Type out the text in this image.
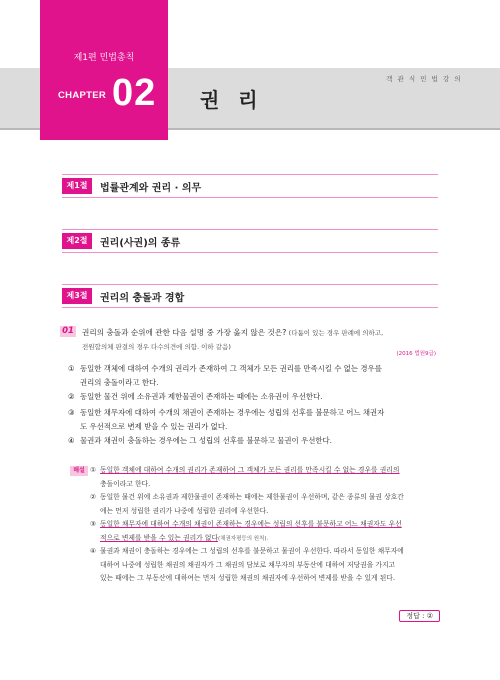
제1편 민법총칙
CHAPTER 02 권 리
객 관 식 민 법 강 의
제1절	법률관계와 권리 · 의무
제2절	권리(사권)의 종류
제3절	권리의 충돌과 경합
01 권리의 충돌과 순위에 관한 다음 설명 중 가장 옳지 않은 것은? (다툼이 있는 경우 판례에 의하고,
전원합의체 판결의 경우 다수의견에 의함. 이하 같음)
(2016 법원9급)
① 동일한 객체에 대하여 수개의 권리가 존재하여 그 객체가 모든 권리를 만족시킬 수 없는 경우를
권리의 충돌이라고 한다.
② 동일한 물건 위에 소유권과 제한물권이 존재하는 때에는 소유권이 우선한다.
③ 동일한 채무자에 대하여 수개의 채권이 존재하는 경우에는 성립의 선후를 불문하고 어느 채권자
도 우선적으로 변제 받을 수 있는 권리가 없다.
④ 물권과 채권이 충돌하는 경우에는 그 성립의 선후를 불문하고 물권이 우선한다.
해설 ① 동일한 객체에 대하여 수개의 권리가 존재하여 그 객체가 모든 권리를 만족시킬 수 없는 경우를 권리의
충돌이라고 한다.
② 동일한 물건 위에 소유권과 제한물권이 존재하는 때에는 제한물권이 우선하며, 같은 종류의 물권 상호간
에는 먼저 성립한 권리가 나중에 성립한 권리에 우선한다.
③ 동일한 채무자에 대하여 수개의 채권이 존재하는 경우에는 성립의 선후를 불문하고 어느 채권자도 우선
적으로 변제를 받을 수 있는 권리가 없다(채권자평등의 원칙).
④ 물권과 채권이 충돌하는 경우에는 그 성립의 선후를 불문하고 물권이 우선한다. 따라서 동일한 채무자에
대하여 나중에 성립한 채권의 채권자가 그 채권의 담보로 채무자의 부동산에 대하여 저당권을 가지고
있는 때에는 그 부동산에 대하여는 먼저 성립한 채권의 채권자에 우선하여 변제를 받을 수 있게 된다.
정답 : ②
